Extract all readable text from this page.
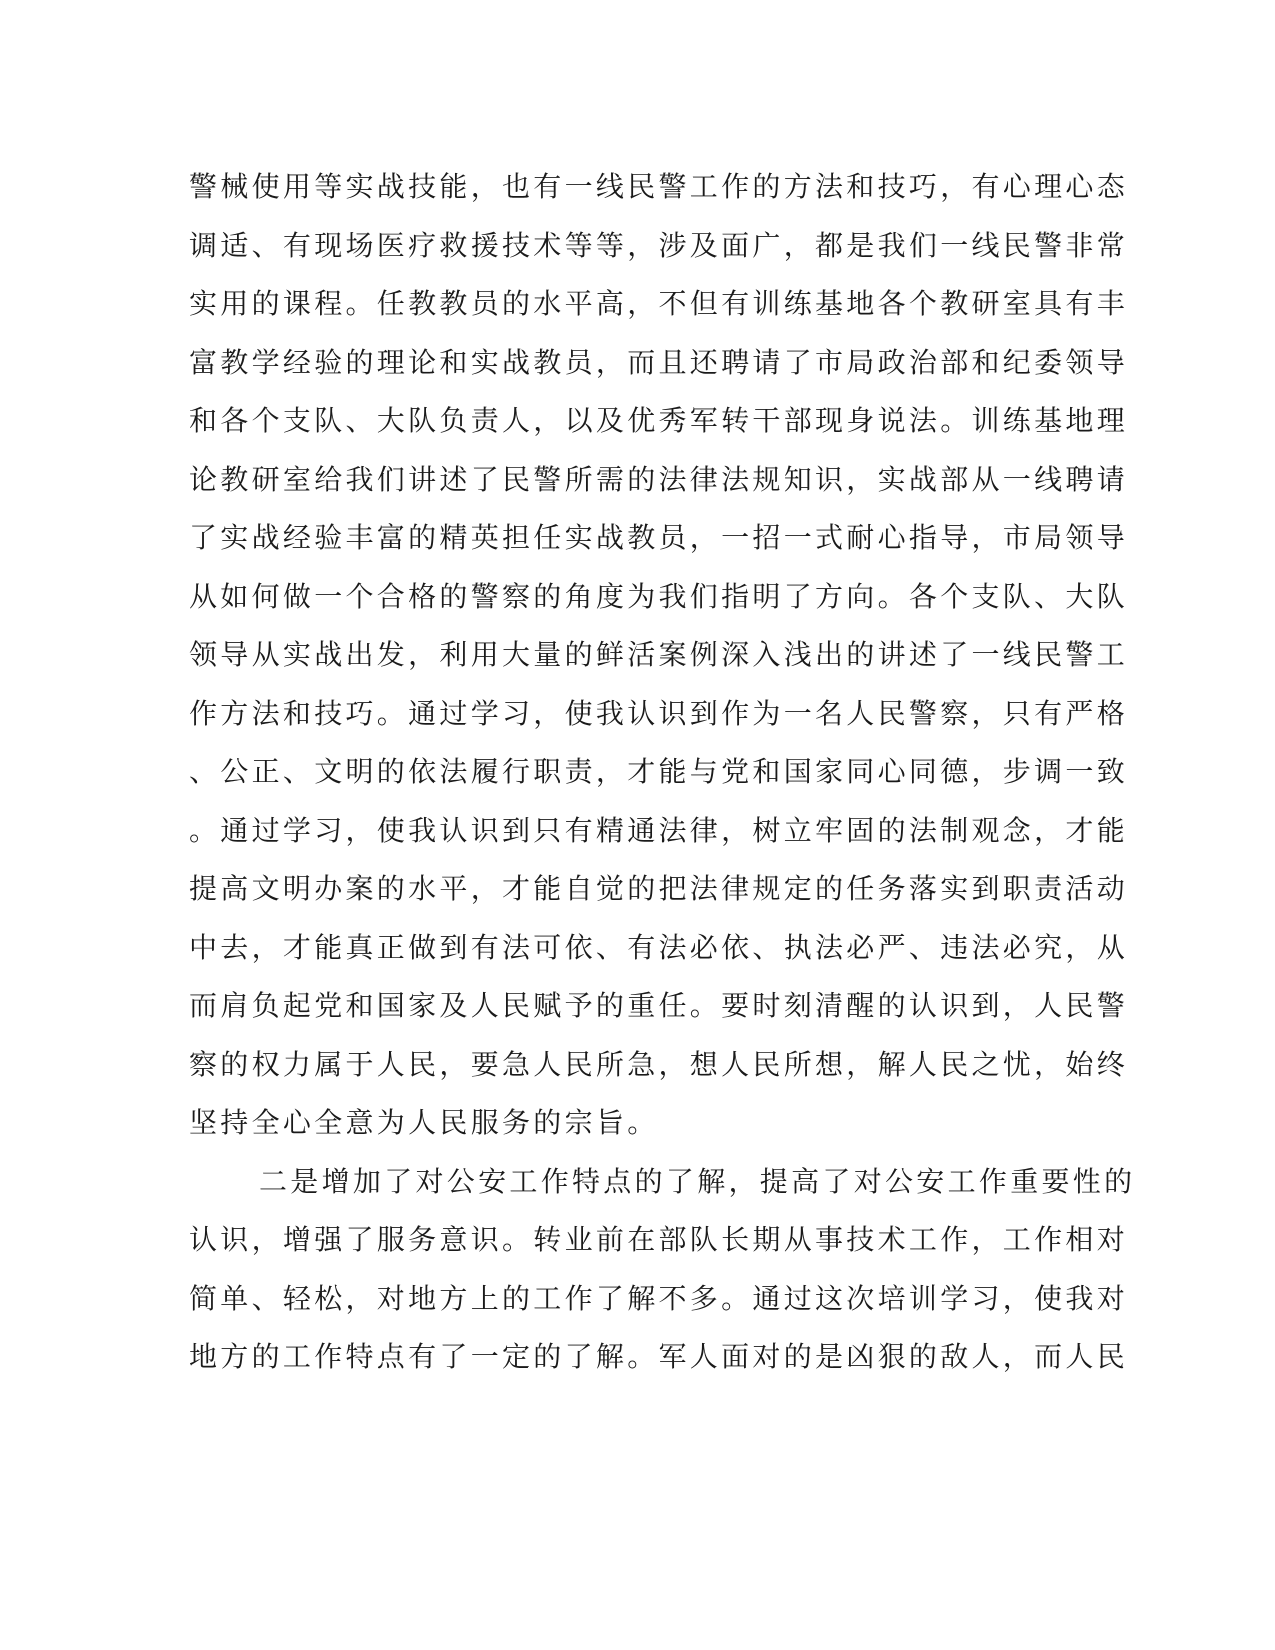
警械使用等实战技能，也有一线民警工作的方法和技巧，有心理心态
调适、有现场医疗救援技术等等，涉及面广，都是我们一线民警非常
实用的课程。任教教员的水平高，不但有训练基地各个教研室具有丰
富教学经验的理论和实战教员，而且还聘请了市局政治部和纪委领导
和各个支队、大队负责人，以及优秀军转干部现身说法。训练基地理
论教研室给我们讲述了民警所需的法律法规知识，实战部从一线聘请
了实战经验丰富的精英担任实战教员，一招一式耐心指导，市局领导
从如何做一个合格的警察的角度为我们指明了方向。各个支队、大队
领导从实战出发，利用大量的鲜活案例深入浅出的讲述了一线民警工
作方法和技巧。通过学习，使我认识到作为一名人民警察，只有严格
、公正、文明的依法履行职责，才能与党和国家同心同德，步调一致
。通过学习，使我认识到只有精通法律，树立牢固的法制观念，才能
提高文明办案的水平，才能自觉的把法律规定的任务落实到职责活动
中去，才能真正做到有法可依、有法必依、执法必严、违法必究，从
而肩负起党和国家及人民赋予的重任。要时刻清醒的认识到，人民警
察的权力属于人民，要急人民所急，想人民所想，解人民之忧，始终
坚持全心全意为人民服务的宗旨。
二是增加了对公安工作特点的了解，提高了对公安工作重要性的
认识，增强了服务意识。转业前在部队长期从事技术工作，工作相对
简单、轻松，对地方上的工作了解不多。通过这次培训学习，使我对
地方的工作特点有了一定的了解。军人面对的是凶狠的敌人，而人民
